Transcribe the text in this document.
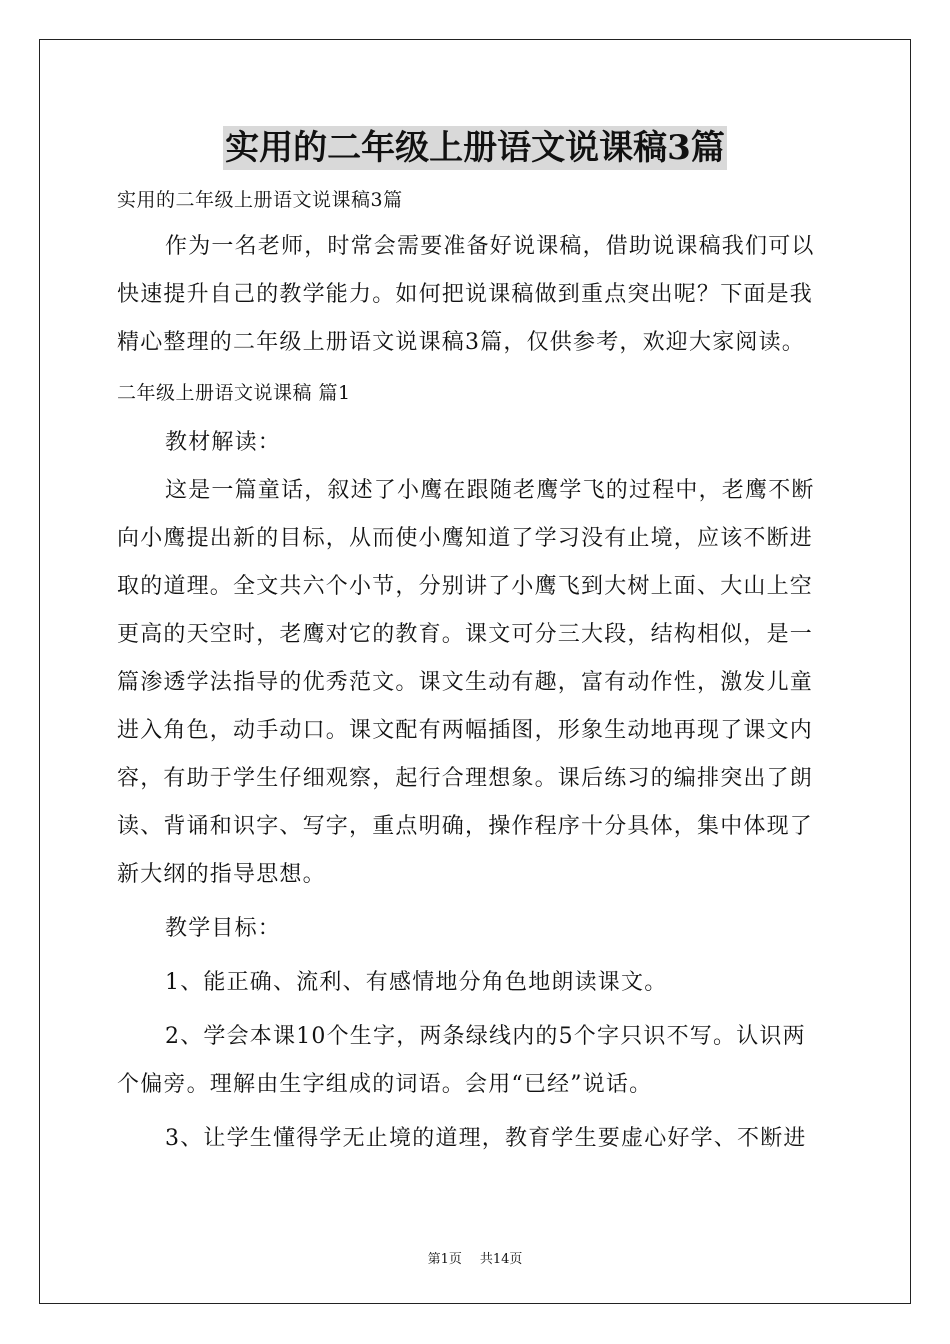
实用的二年级上册语文说课稿3篇

实用的二年级上册语文说课稿3篇

作为一名老师，时常会需要准备好说课稿，借助说课稿我们可以

快速提升自己的教学能力。如何把说课稿做到重点突出呢？下面是我

精心整理的二年级上册语文说课稿3篇，仅供参考，欢迎大家阅读。

二年级上册语文说课稿 篇1

教材解读：

这是一篇童话，叙述了小鹰在跟随老鹰学飞的过程中，老鹰不断

向小鹰提出新的目标，从而使小鹰知道了学习没有止境，应该不断进

取的道理。全文共六个小节，分别讲了小鹰飞到大树上面、大山上空

更高的天空时，老鹰对它的教育。课文可分三大段，结构相似，是一

篇渗透学法指导的优秀范文。课文生动有趣，富有动作性，激发儿童

进入角色，动手动口。课文配有两幅插图，形象生动地再现了课文内

容，有助于学生仔细观察，起行合理想象。课后练习的编排突出了朗

读、背诵和识字、写字，重点明确，操作程序十分具体，集中体现了

新大纲的指导思想。

教学目标：

1、能正确、流利、有感情地分角色地朗读课文。

2、学会本课10个生字，两条绿线内的5个字只识不写。认识两

个偏旁。理解由生字组成的词语。会用“已经”说话。

3、让学生懂得学无止境的道理，教育学生要虚心好学、不断进

第1页 共14页
